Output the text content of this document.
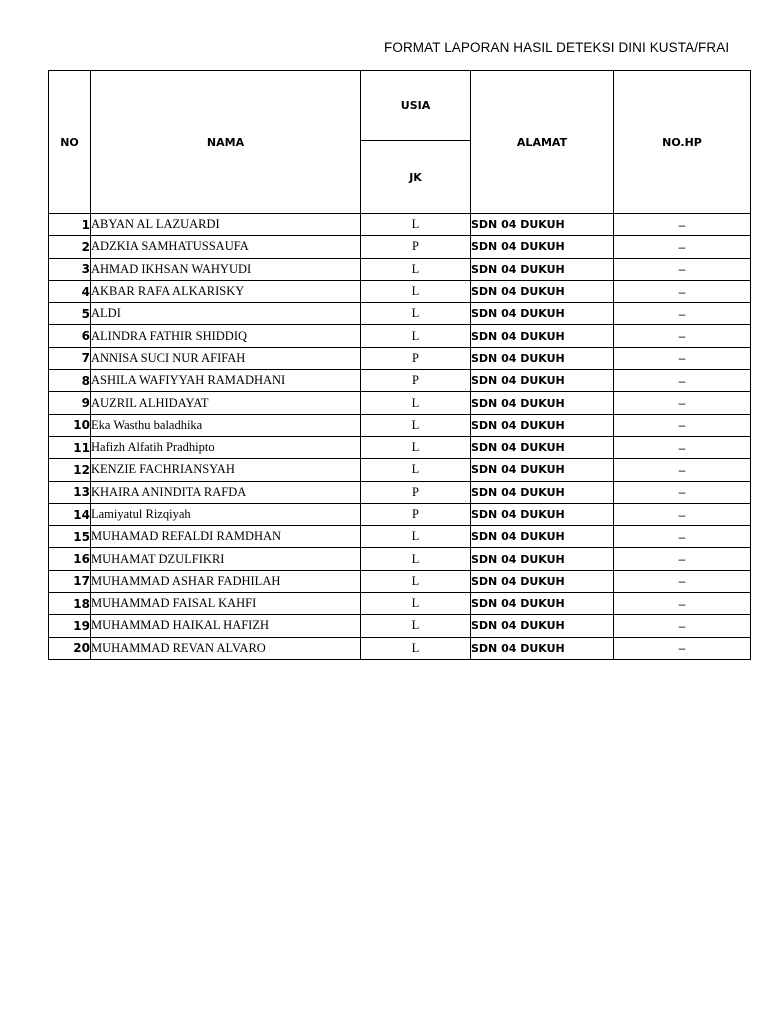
FORMAT LAPORAN HASIL DETEKSI DINI KUSTA/FRAI
NO	NAMA	USIA	ALAMAT	NO.HP
		JK		
1	ABYAN AL LAZUARDI	L	SDN 04 DUKUH	–
2	ADZKIA SAMHATUSSAUFA	P	SDN 04 DUKUH	–
3	AHMAD IKHSAN WAHYUDI	L	SDN 04 DUKUH	–
4	AKBAR RAFA ALKARISKY	L	SDN 04 DUKUH	–
5	ALDI	L	SDN 04 DUKUH	–
6	ALINDRA FATHIR SHIDDIQ	L	SDN 04 DUKUH	–
7	ANNISA SUCI NUR AFIFAH	P	SDN 04 DUKUH	–
8	ASHILA WAFIYYAH RAMADHANI	P	SDN 04 DUKUH	–
9	AUZRIL ALHIDAYAT	L	SDN 04 DUKUH	–
10	Eka Wasthu baladhika	L	SDN 04 DUKUH	–
11	Hafizh Alfatih Pradhipto	L	SDN 04 DUKUH	–
12	KENZIE FACHRIANSYAH	L	SDN 04 DUKUH	–
13	KHAIRA ANINDITA RAFDA	P	SDN 04 DUKUH	–
14	Lamiyatul Rizqiyah	P	SDN 04 DUKUH	–
15	MUHAMAD REFALDI RAMDHAN	L	SDN 04 DUKUH	–
16	MUHAMAT DZULFIKRI	L	SDN 04 DUKUH	–
17	MUHAMMAD ASHAR FADHILAH	L	SDN 04 DUKUH	–
18	MUHAMMAD FAISAL KAHFI	L	SDN 04 DUKUH	–
19	MUHAMMAD HAIKAL HAFIZH	L	SDN 04 DUKUH	–
20	MUHAMMAD REVAN ALVARO	L	SDN 04 DUKUH	–
